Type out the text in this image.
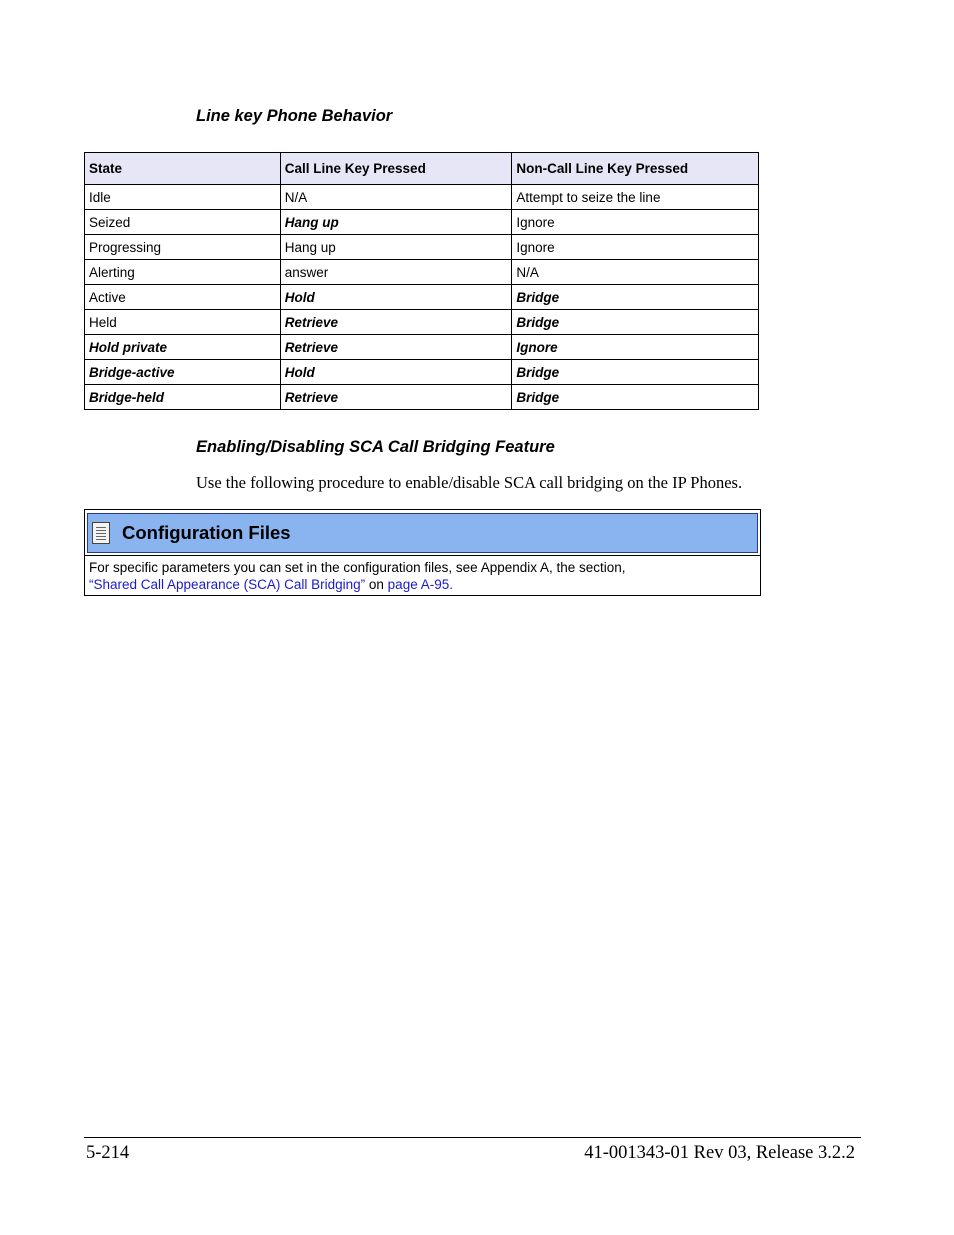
Line key Phone Behavior
State	Call Line Key Pressed	Non-Call Line Key Pressed
Idle	N/A	Attempt to seize the line
Seized	Hang up	Ignore
Progressing	Hang up	Ignore
Alerting	answer	N/A
Active	Hold	Bridge
Held	Retrieve	Bridge
Hold private	Retrieve	Ignore
Bridge-active	Hold	Bridge
Bridge-held	Retrieve	Bridge
Enabling/Disabling SCA Call Bridging Feature

Use the following procedure to enable/disable SCA call bridging on the IP Phones.

Configuration Files

For specific parameters you can set in the configuration files, see Appendix A, the section,
“Shared Call Appearance (SCA) Call Bridging” on page A-95.

5-214	41-001343-01 Rev 03, Release 3.2.2
